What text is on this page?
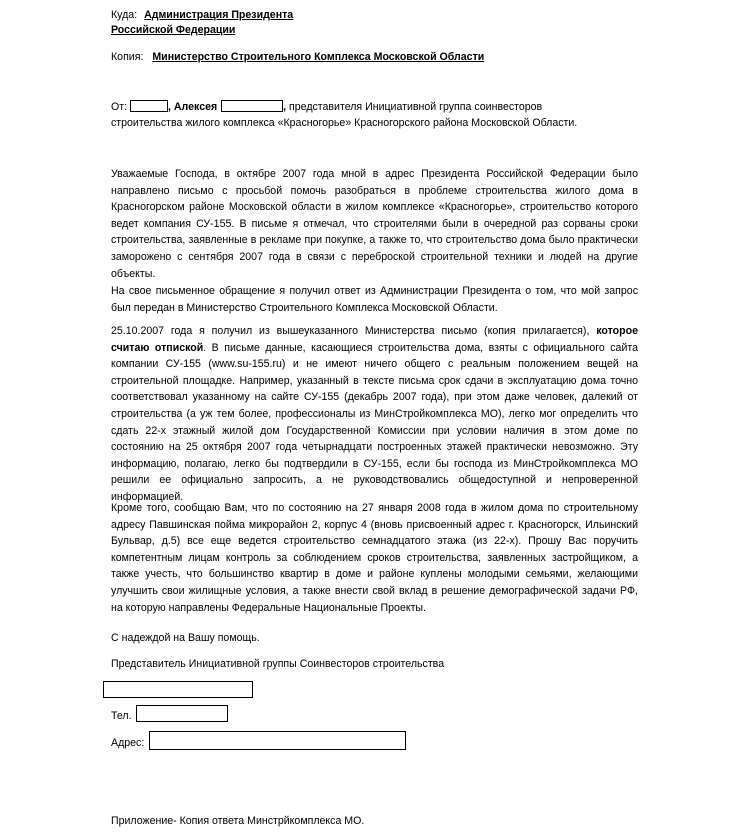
Куда: Администрация Президента
Российской Федерации
Копия: Министерство Строительного Комплекса Московской Области
От:	, Алексея	, представителя Инициативной группа соинвесторов
строительства жилого комплекса «Красногорье» Красногорского района Московской Области.

Уважаемые Господа, в октябре 2007 года мной в адрес Президента Российской Федерации было направлено письмо с просьбой помочь разобраться в проблеме строительства жилого дома в Красногорском районе Московской области в жилом комплексе «Красногорье», строительство которого ведет компания СУ-155. В письме я отмечал, что строителями были в очередной раз сорваны сроки строительства, заявленные в рекламе при покупке, а также то, что строительство дома было практически заморожено с сентября 2007 года в связи с переброской строительной техники и людей на другие объекты.

На свое письменное обращение я получил ответ из Администрации Президента о том, что мой запрос был передан в Министерство Строительного Комплекса Московской Области.

25.10.2007 года я получил из вышеуказанного Министерства письмо (копия прилагается), которое считаю отпиской. В письме данные, касающиеся строительства дома, взяты с официального сайта компании СУ-155 (www.su-155.ru) и не имеют ничего общего с реальным положением вещей на строительной площадке. Например, указанный в тексте письма срок сдачи в эксплуатацию дома точно соответствовал указанному на сайте СУ-155 (декабрь 2007 года), при этом даже человек, далекий от строительства (а уж тем более, профессионалы из МинСтройкомплекса МО), легко мог определить что сдать 22-х этажный жилой дом Государственной Комиссии при условии наличия в этом доме по состоянию на 25 октября 2007 года четырнадцати построенных этажей практически невозможно. Эту информацию, полагаю, легко бы подтвердили в СУ-155, если бы господа из МинСтройкомплекса МО решили ее официально запросить, а не руководствовались общедоступной и непроверенной информацией.

Кроме того, сообщаю Вам, что по состоянию на 27 января 2008 года в жилом дома по строительному адресу Павшинская пойма микрорайон 2, корпус 4 (вновь присвоенный адрес г. Красногорск, Ильинский Бульвар, д.5) все еще ведется строительство семнадцатого этажа (из 22-х). Прошу Вас поручить компетентным лицам контроль за соблюдением сроков строительства, заявленных застройщиком, а также учесть, что большинство квартир в доме и районе куплены молодыми семьями, желающими улучшить свои жилищные условия, а также внести свой вклад в решение демографической задачи РФ, на которую направлены Федеральные Национальные Проекты.

С надеждой на Вашу помощь.
Представитель Инициативной группы Соинвесторов строительства
Тел.
Адрес:
Приложение- Копия ответа Минстрйкомплекса МО.
